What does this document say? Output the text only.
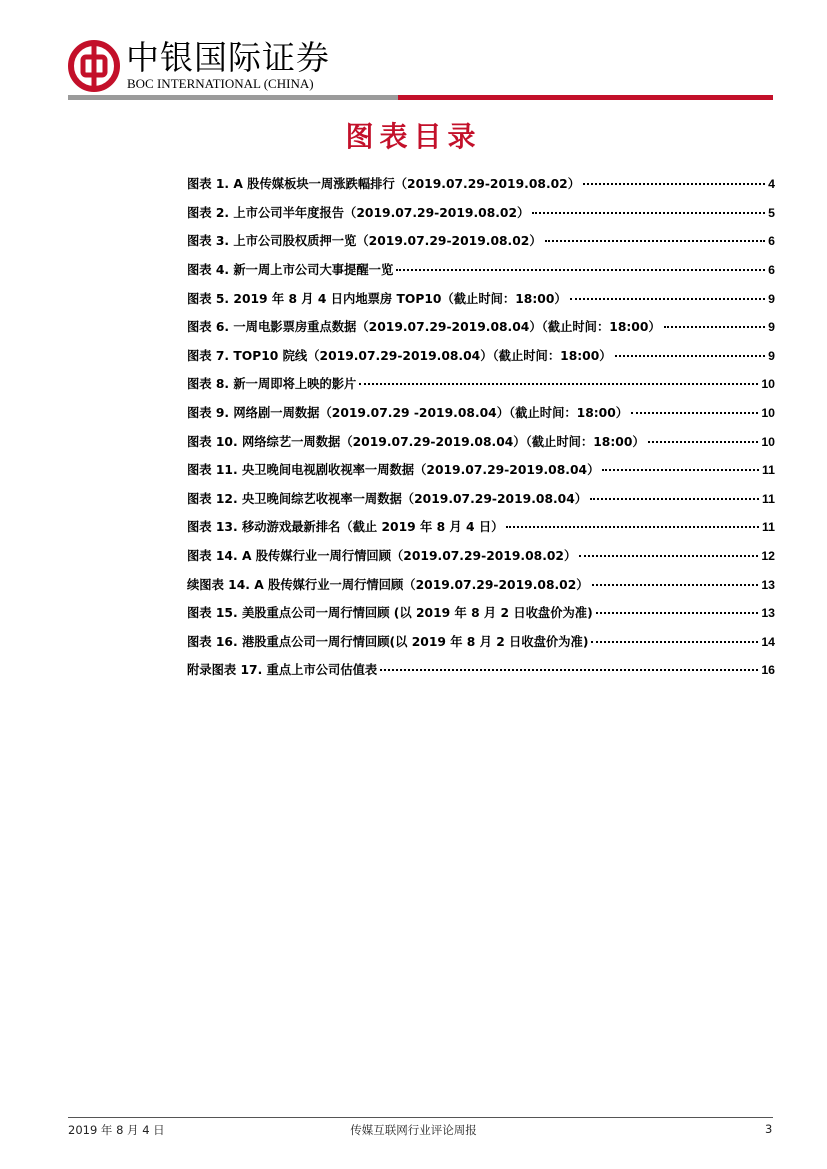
中银国际证券
BOC INTERNATIONAL (CHINA)
图表目录
图表 1. A 股传媒板块一周涨跌幅排行（2019.07.29-2019.08.02）	4
图表 2. 上市公司半年度报告（2019.07.29-2019.08.02）	5
图表 3. 上市公司股权质押一览（2019.07.29-2019.08.02）	6
图表 4. 新一周上市公司大事提醒一览	6
图表 5. 2019 年 8 月 4 日内地票房 TOP10（截止时间：18:00）	9
图表 6. 一周电影票房重点数据（2019.07.29-2019.08.04）（截止时间：18:00）	9
图表 7. TOP10 院线（2019.07.29-2019.08.04）（截止时间：18:00）	9
图表 8. 新一周即将上映的影片	10
图表 9. 网络剧一周数据（2019.07.29 -2019.08.04）（截止时间：18:00）	10
图表 10. 网络综艺一周数据（2019.07.29-2019.08.04）（截止时间：18:00）	10
图表 11. 央卫晚间电视剧收视率一周数据（2019.07.29-2019.08.04）	11
图表 12. 央卫晚间综艺收视率一周数据（2019.07.29-2019.08.04）	11
图表 13. 移动游戏最新排名（截止 2019 年 8 月 4 日）	11
图表 14. A 股传媒行业一周行情回顾（2019.07.29-2019.08.02）	12
续图表 14. A 股传媒行业一周行情回顾（2019.07.29-2019.08.02）	13
图表 15. 美股重点公司一周行情回顾 (以 2019 年 8 月 2 日收盘价为准)	13
图表 16. 港股重点公司一周行情回顾(以 2019 年 8 月 2 日收盘价为准)	14
附录图表 17. 重点上市公司估值表	16
2019 年 8 月 4 日	传媒互联网行业评论周报	3
